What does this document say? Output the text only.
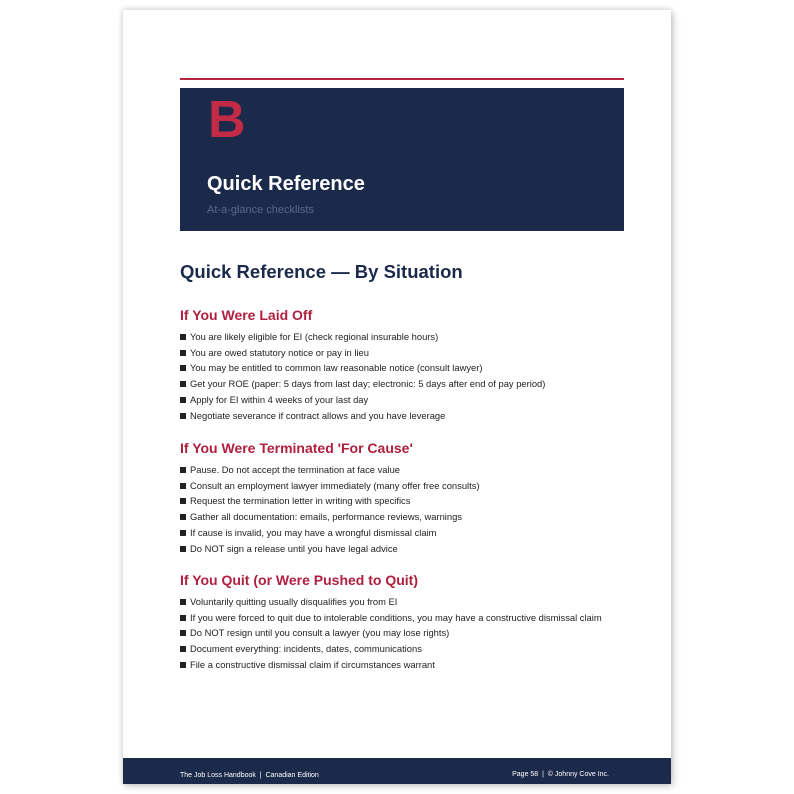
B
Quick Reference
At-a-glance checklists
Quick Reference — By Situation
If You Were Laid Off
You are likely eligible for EI (check regional insurable hours)
You are owed statutory notice or pay in lieu
You may be entitled to common law reasonable notice (consult lawyer)
Get your ROE (paper: 5 days from last day; electronic: 5 days after end of pay period)
Apply for EI within 4 weeks of your last day
Negotiate severance if contract allows and you have leverage
If You Were Terminated 'For Cause'
Pause. Do not accept the termination at face value
Consult an employment lawyer immediately (many offer free consults)
Request the termination letter in writing with specifics
Gather all documentation: emails, performance reviews, warnings
If cause is invalid, you may have a wrongful dismissal claim
Do NOT sign a release until you have legal advice
If You Quit (or Were Pushed to Quit)
Voluntarily quitting usually disqualifies you from EI
If you were forced to quit due to intolerable conditions, you may have a constructive dismissal claim
Do NOT resign until you consult a lawyer (you may lose rights)
Document everything: incidents, dates, communications
File a constructive dismissal claim if circumstances warrant
The Job Loss Handbook  |  Canadian Edition	Page 58  |  © Johnny Cove Inc.
